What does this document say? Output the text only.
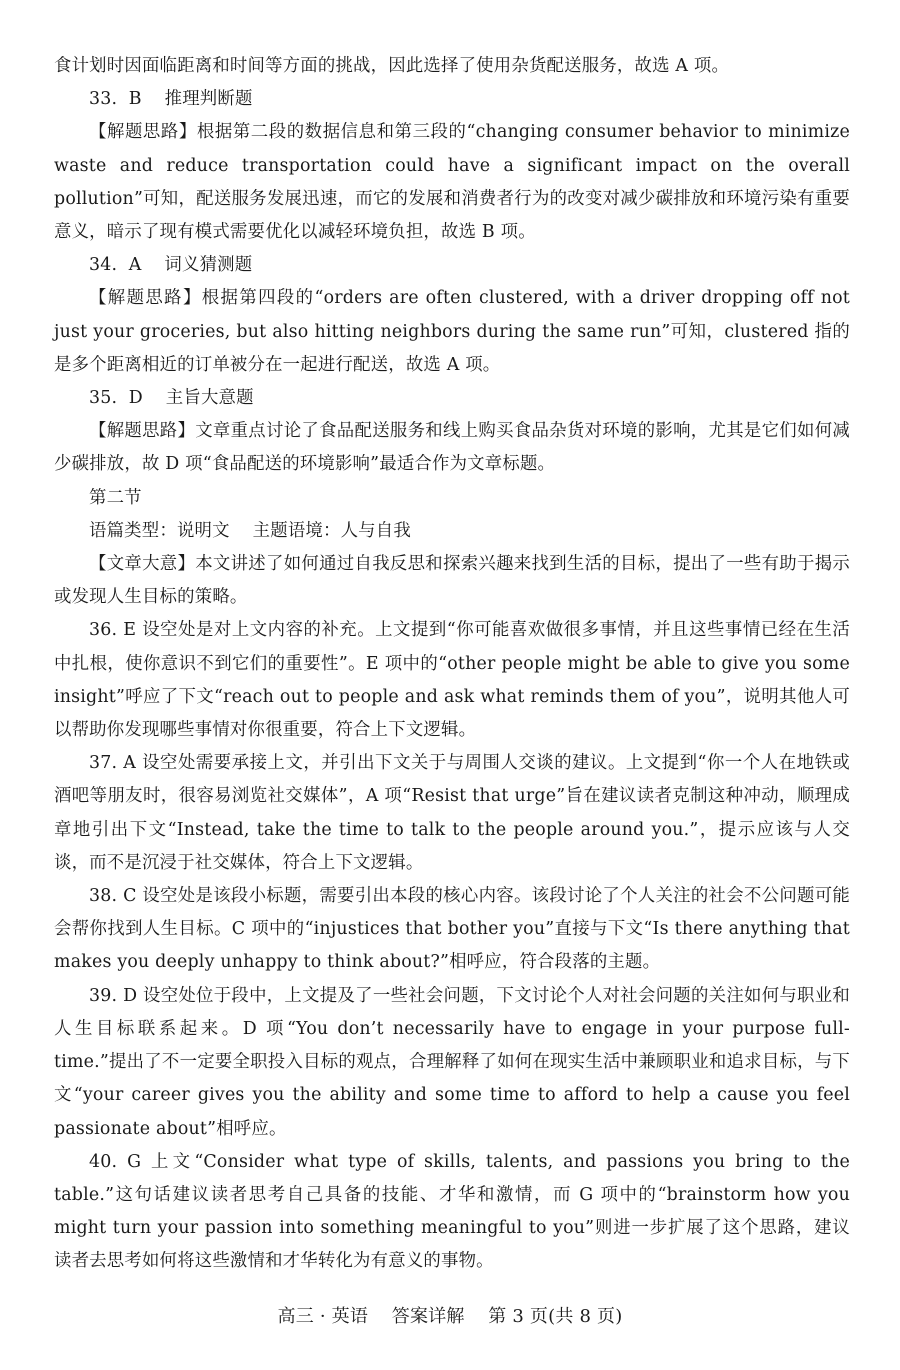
食计划时因面临距离和时间等方面的挑战，因此选择了使用杂货配送服务，故选 A 项。

33.  B    推理判断题

【解题思路】根据第二段的数据信息和第三段的“changing consumer behavior to minimize waste and reduce transportation could have a significant impact on the overall pollution”可知，配送服务发展迅速，而它的发展和消费者行为的改变对减少碳排放和环境污染有重要意义，暗示了现有模式需要优化以减轻环境负担，故选 B 项。

34.  A    词义猜测题

【解题思路】根据第四段的“orders are often clustered, with a driver dropping off not just your groceries, but also hitting neighbors during the same run”可知，clustered 指的是多个距离相近的订单被分在一起进行配送，故选 A 项。

35.  D    主旨大意题

【解题思路】文章重点讨论了食品配送服务和线上购买食品杂货对环境的影响，尤其是它们如何减少碳排放，故 D 项“食品配送的环境影响”最适合作为文章标题。

第二节

语篇类型：说明文    主题语境：人与自我

【文章大意】本文讲述了如何通过自我反思和探索兴趣来找到生活的目标，提出了一些有助于揭示或发现人生目标的策略。

36. E 设空处是对上文内容的补充。上文提到“你可能喜欢做很多事情，并且这些事情已经在生活中扎根，使你意识不到它们的重要性”。E 项中的“other people might be able to give you some insight”呼应了下文“reach out to people and ask what reminds them of you”，说明其他人可以帮助你发现哪些事情对你很重要，符合上下文逻辑。

37. A 设空处需要承接上文，并引出下文关于与周围人交谈的建议。上文提到“你一个人在地铁或酒吧等朋友时，很容易浏览社交媒体”，A 项“Resist that urge”旨在建议读者克制这种冲动，顺理成章地引出下文“Instead, take the time to talk to the people around you.”，提示应该与人交谈，而不是沉浸于社交媒体，符合上下文逻辑。

38. C 设空处是该段小标题，需要引出本段的核心内容。该段讨论了个人关注的社会不公问题可能会帮你找到人生目标。C 项中的“injustices that bother you”直接与下文“Is there anything that makes you deeply unhappy to think about?”相呼应，符合段落的主题。

39. D 设空处位于段中，上文提及了一些社会问题，下文讨论个人对社会问题的关注如何与职业和人生目标联系起来。D 项“You don’t necessarily have to engage in your purpose full-time.”提出了不一定要全职投入目标的观点，合理解释了如何在现实生活中兼顾职业和追求目标，与下文“your career gives you the ability and some time to afford to help a cause you feel passionate about”相呼应。

40. G 上文“Consider what type of skills, talents, and passions you bring to the table.”这句话建议读者思考自己具备的技能、才华和激情，而 G 项中的“brainstorm how you might turn your passion into something meaningful to you”则进一步扩展了这个思路，建议读者去思考如何将这些激情和才华转化为有意义的事物。

高三 · 英语    答案详解    第 3 页(共 8 页)
